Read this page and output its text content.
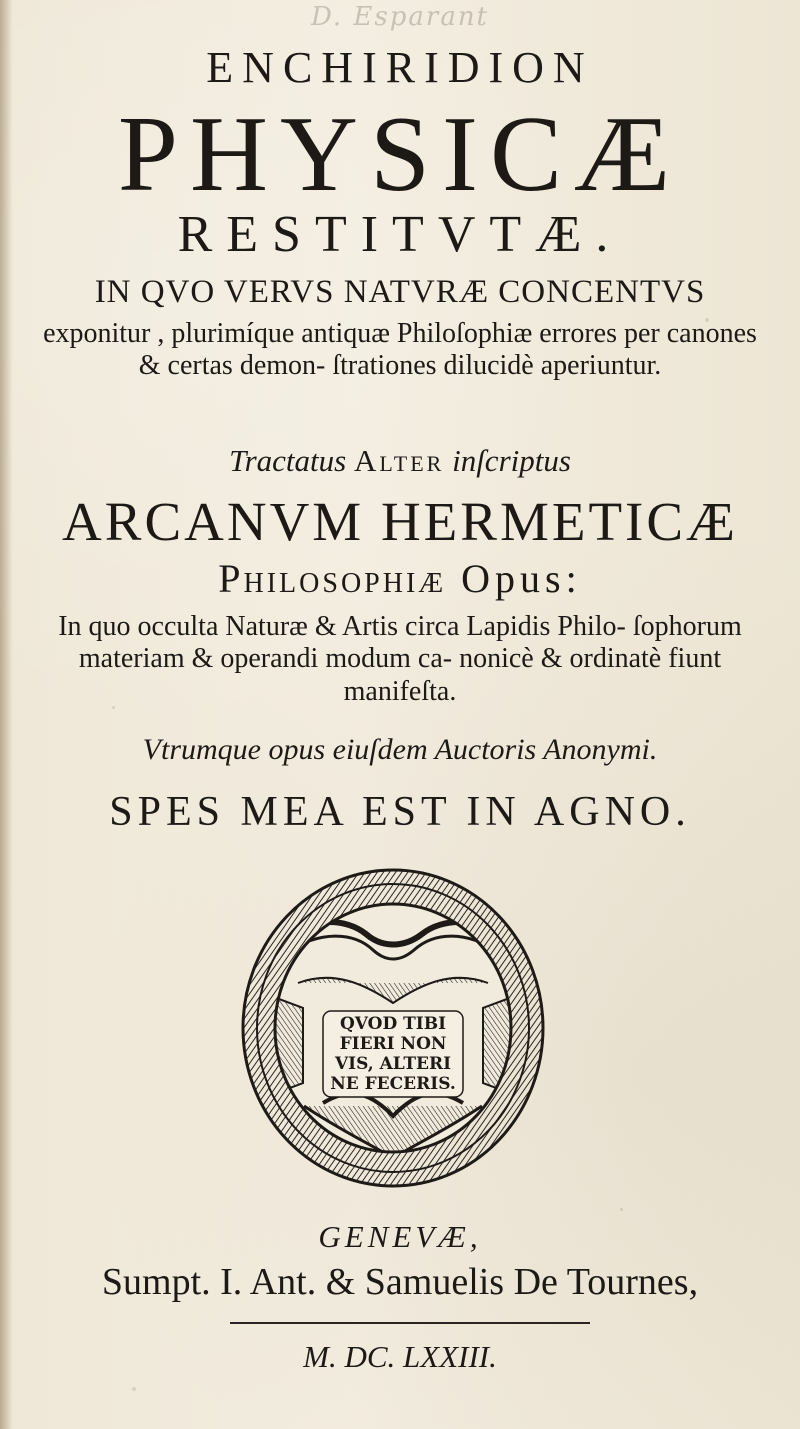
D. Esparant
ENCHIRIDION
PHYSICÆ
RESTITVTÆ.
IN QVO VERVS NATVRÆ CONCENTVS
exponitur , plurimíque antiquæ Philoſophiæ errores per canones & certas demon- ſtrationes dilucidè aperiuntur.
Tractatus Alter inſcriptus
ARCANVM HERMETICÆ
Philosophiæ Opus:
In quo occulta Naturæ & Artis circa Lapidis Philo- ſophorum materiam & operandi modum ca- nonicè & ordinatè fiunt manifeſta.
Vtrumque opus eiuſdem Auctoris Anonymi.
SPES MEA EST IN AGNO.
QVOD TIBI
FIERI NON
VIS, ALTERI
NE FECERIS.
GENEVÆ,
Sumpt. I. Ant. & Samuelis De Tournes,
M. DC. LXXIII.
